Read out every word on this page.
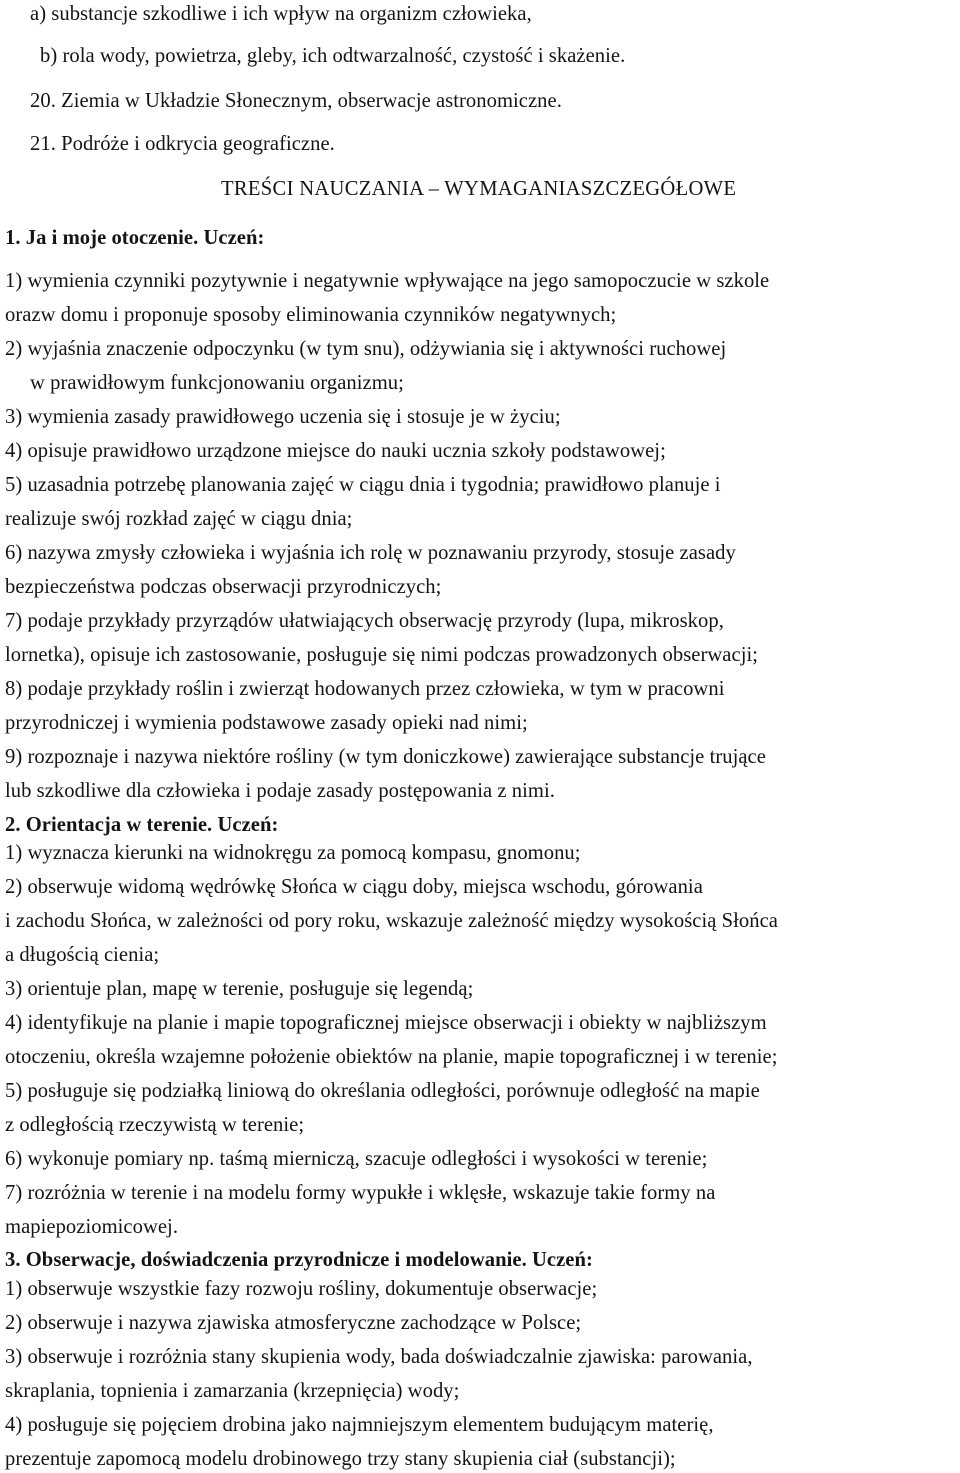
a) substancje szkodliwe i ich wpływ na organizm człowieka,
b) rola wody, powietrza, gleby, ich odtwarzalność, czystość i skażenie.
20. Ziemia w Układzie Słonecznym, obserwacje astronomiczne.
21. Podróże i odkrycia geograficzne.
TREŚCI NAUCZANIA – WYMAGANIASZCZEGÓŁOWE
1. Ja i moje otoczenie. Uczeń:
1) wymienia czynniki pozytywnie i negatywnie wpływające na jego samopoczucie w szkole
orazw domu i proponuje sposoby eliminowania czynników negatywnych;
2) wyjaśnia znaczenie odpoczynku (w tym snu), odżywiania się i aktywności ruchowej
w prawidłowym funkcjonowaniu organizmu;
3) wymienia zasady prawidłowego uczenia się i stosuje je w życiu;
4) opisuje prawidłowo urządzone miejsce do nauki ucznia szkoły podstawowej;
5) uzasadnia potrzebę planowania zajęć w ciągu dnia i tygodnia; prawidłowo planuje i
realizuje swój rozkład zajęć w ciągu dnia;
6) nazywa zmysły człowieka i wyjaśnia ich rolę w poznawaniu przyrody, stosuje zasady
bezpieczeństwa podczas obserwacji przyrodniczych;
7) podaje przykłady przyrządów ułatwiających obserwację przyrody (lupa, mikroskop,
lornetka), opisuje ich zastosowanie, posługuje się nimi podczas prowadzonych obserwacji;
8) podaje przykłady roślin i zwierząt hodowanych przez człowieka, w tym w pracowni
przyrodniczej i wymienia podstawowe zasady opieki nad nimi;
9) rozpoznaje i nazywa niektóre rośliny (w tym doniczkowe) zawierające substancje trujące
lub szkodliwe dla człowieka i podaje zasady postępowania z nimi.
2. Orientacja w terenie. Uczeń:
1) wyznacza kierunki na widnokręgu za pomocą kompasu, gnomonu;
2) obserwuje widomą wędrówkę Słońca w ciągu doby, miejsca wschodu, górowania
i zachodu Słońca, w zależności od pory roku, wskazuje zależność między wysokością Słońca
a długością cienia;
3) orientuje plan, mapę w terenie, posługuje się legendą;
4) identyfikuje na planie i mapie topograficznej miejsce obserwacji i obiekty w najbliższym
otoczeniu, określa wzajemne położenie obiektów na planie, mapie topograficznej i w terenie;
5) posługuje się podziałką liniową do określania odległości, porównuje odległość na mapie
z odległością rzeczywistą w terenie;
6) wykonuje pomiary np. taśmą mierniczą, szacuje odległości i wysokości w terenie;
7) rozróżnia w terenie i na modelu formy wypukłe i wklęsłe, wskazuje takie formy na
mapiepoziomicowej.
3. Obserwacje, doświadczenia przyrodnicze i modelowanie. Uczeń:
1) obserwuje wszystkie fazy rozwoju rośliny, dokumentuje obserwacje;
2) obserwuje i nazywa zjawiska atmosferyczne zachodzące w Polsce;
3) obserwuje i rozróżnia stany skupienia wody, bada doświadczalnie zjawiska: parowania,
skraplania, topnienia i zamarzania (krzepnięcia) wody;
4) posługuje się pojęciem drobina jako najmniejszym elementem budującym materię,
prezentuje zapomocą modelu drobinowego trzy stany skupienia ciał (substancji);
